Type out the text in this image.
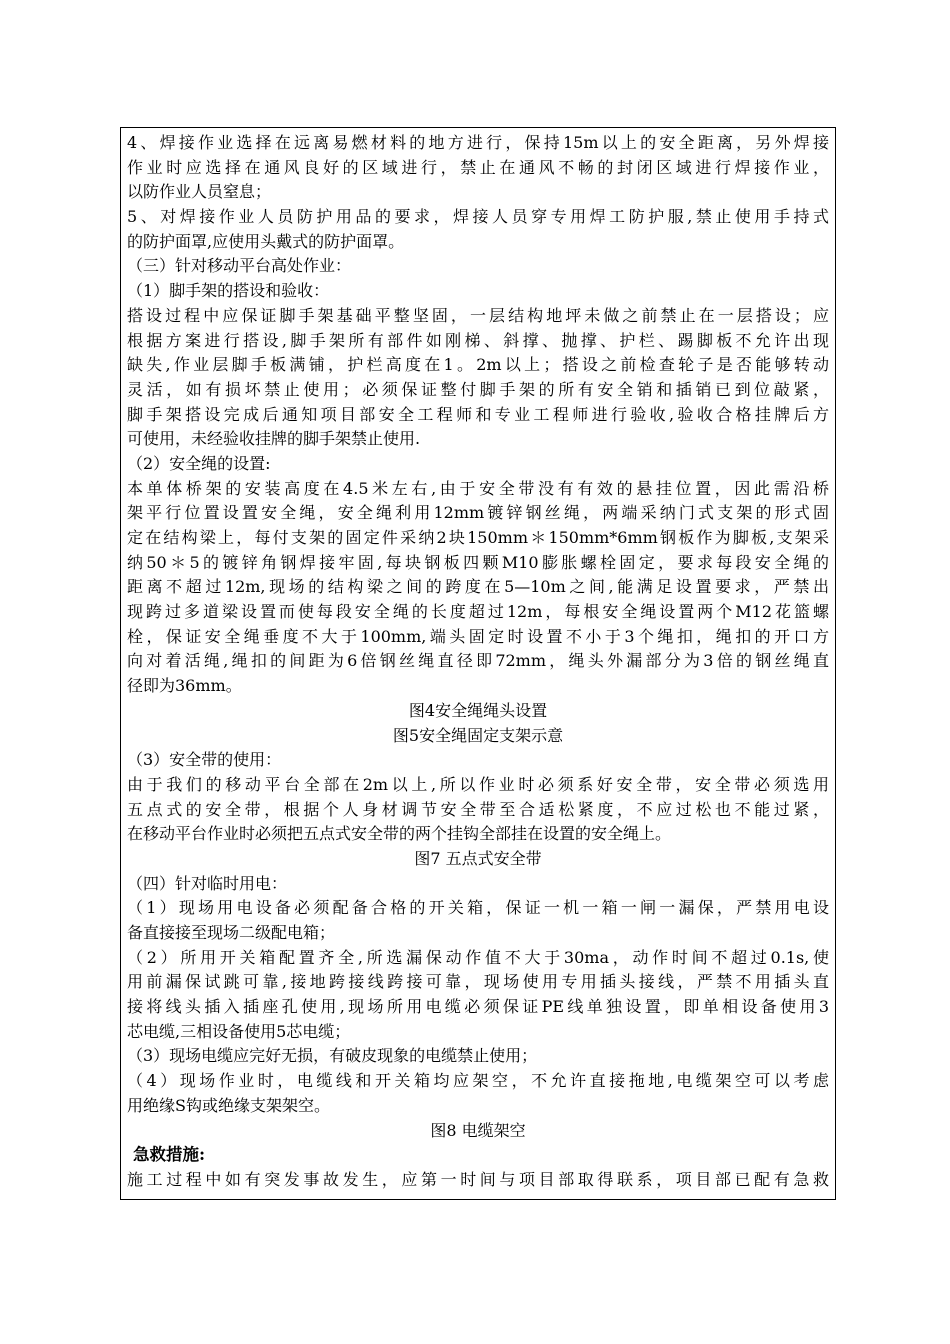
4、焊接作业选择在远离易燃材料的地方进行，保持15m以上的安全距离，另外焊接
作业时应选择在通风良好的区域进行，禁止在通风不畅的封闭区域进行焊接作业，
以防作业人员窒息；
5、对焊接作业人员防护用品的要求，焊接人员穿专用焊工防护服,禁止使用手持式
的防护面罩,应使用头戴式的防护面罩。
（三）针对移动平台高处作业：
（1）脚手架的搭设和验收：
搭设过程中应保证脚手架基础平整坚固，一层结构地坪未做之前禁止在一层搭设；应
根据方案进行搭设,脚手架所有部件如刚梯、斜撑、抛撑、护栏、踢脚板不允许出现
缺失,作业层脚手板满铺，护栏高度在1。2m以上；搭设之前检查轮子是否能够转动
灵活，如有损坏禁止使用；必须保证整付脚手架的所有安全销和插销已到位敲紧，
脚手架搭设完成后通知项目部安全工程师和专业工程师进行验收,验收合格挂牌后方
可使用，未经验收挂牌的脚手架禁止使用.
（2）安全绳的设置:
本单体桥架的安装高度在4.5米左右,由于安全带没有有效的悬挂位置，因此需沿桥
架平行位置设置安全绳，安全绳利用12mm镀锌钢丝绳，两端采纳门式支架的形式固
定在结构梁上，每付支架的固定件采纳2块150mm＊150mm*6mm钢板作为脚板,支架采
纳50＊5的镀锌角钢焊接牢固,每块钢板四颗M10膨胀螺栓固定，要求每段安全绳的
距离不超过12m,现场的结构梁之间的跨度在5—10m之间,能满足设置要求，严禁出
现跨过多道梁设置而使每段安全绳的长度超过12m，每根安全绳设置两个M12花篮螺
栓，保证安全绳垂度不大于100mm,端头固定时设置不小于3个绳扣，绳扣的开口方
向对着活绳,绳扣的间距为6倍钢丝绳直径即72mm，绳头外漏部分为3倍的钢丝绳直
径即为36mm。
图4安全绳绳头设置
图5安全绳固定支架示意
（3）安全带的使用：
由于我们的移动平台全部在2m以上,所以作业时必须系好安全带，安全带必须选用
五点式的安全带，根据个人身材调节安全带至合适松紧度，不应过松也不能过紧，
在移动平台作业时必须把五点式安全带的两个挂钩全部挂在设置的安全绳上。
图7 五点式安全带
（四）针对临时用电：
（1）现场用电设备必须配备合格的开关箱，保证一机一箱一闸一漏保，严禁用电设
备直接接至现场二级配电箱；
（2）所用开关箱配置齐全,所选漏保动作值不大于30ma，动作时间不超过0.1s,使
用前漏保试跳可靠,接地跨接线跨接可靠，现场使用专用插头接线，严禁不用插头直
接将线头插入插座孔使用,现场所用电缆必须保证PE线单独设置，即单相设备使用3
芯电缆,三相设备使用5芯电缆；
（3）现场电缆应完好无损，有破皮现象的电缆禁止使用；
（4）现场作业时，电缆线和开关箱均应架空，不允许直接拖地,电缆架空可以考虑
用绝缘S钩或绝缘支架架空。
图8 电缆架空
急救措施:
施工过程中如有突发事故发生，应第一时间与项目部取得联系，项目部已配有急救
